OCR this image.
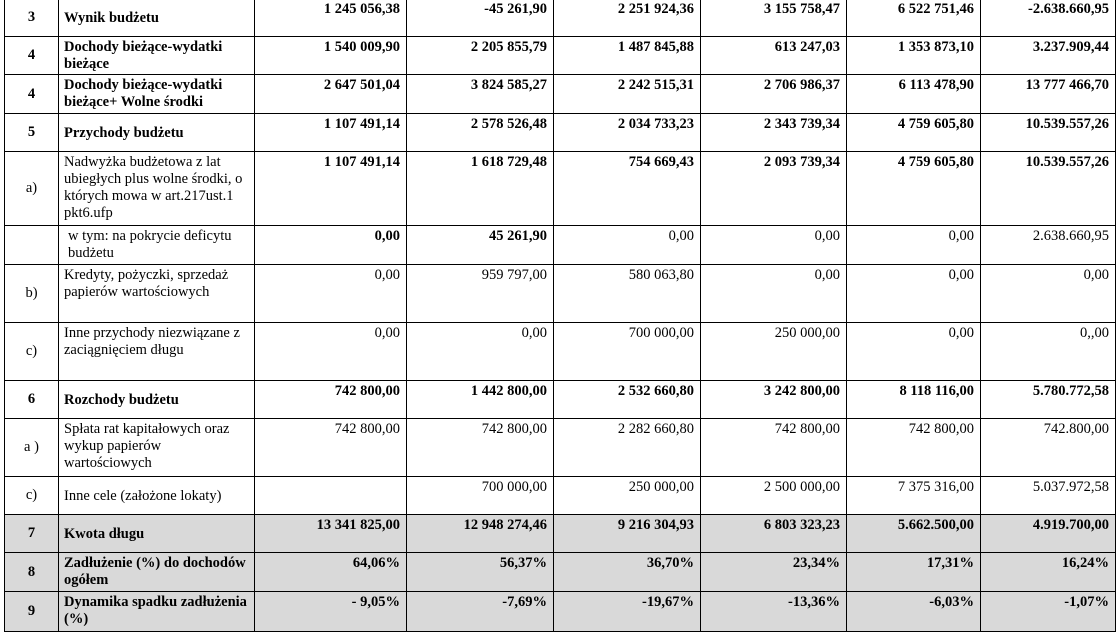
3	Wynik budżetu	1 245 056,38	-45 261,90	2 251 924,36	3 155 758,47	6 522 751,46	-2.638.660,95
4	Dochody bieżące-wydatki bieżące	1 540 009,90	2 205 855,79	1 487 845,88	613 247,03	1 353 873,10	3.237.909,44
4	Dochody bieżące-wydatki bieżące+ Wolne środki	2 647 501,04	3 824 585,27	2 242 515,31	2 706 986,37	6 113 478,90	13 777 466,70
5	Przychody budżetu	1 107 491,14	2 578 526,48	2 034 733,23	2 343 739,34	4 759 605,80	10.539.557,26
a)	Nadwyżka budżetowa z lat ubiegłych plus wolne środki, o których mowa w art.217ust.1 pkt6.ufp	1 107 491,14	1 618 729,48	754 669,43	2 093 739,34	4 759 605,80	10.539.557,26
	w tym: na pokrycie deficytu budżetu	0,00	45 261,90	0,00	0,00	0,00	2.638.660,95
b)	Kredyty, pożyczki, sprzedaż papierów wartościowych	0,00	959 797,00	580 063,80	0,00	0,00	0,00
c)	Inne przychody niezwiązane z zaciągnięciem długu	0,00	0,00	700 000,00	250 000,00	0,00	0,,00
6	Rozchody budżetu	742 800,00	1 442 800,00	2 532 660,80	3 242 800,00	8 118 116,00	5.780.772,58
a )	Spłata rat kapitałowych oraz wykup papierów wartościowych	742 800,00	742 800,00	2 282 660,80	742 800,00	742 800,00	742.800,00
c)	Inne cele (założone lokaty)		700 000,00	250 000,00	2 500 000,00	7 375 316,00	5.037.972,58
7	Kwota długu	13 341 825,00	12 948 274,46	9 216 304,93	6 803 323,23	5.662.500,00	4.919.700,00
8	Zadłużenie (%) do dochodów ogółem	64,06%	56,37%	36,70%	23,34%	17,31%	16,24%
9	Dynamika spadku zadłużenia (%)	- 9,05%	-7,69%	-19,67%	-13,36%	-6,03%	-1,07%
